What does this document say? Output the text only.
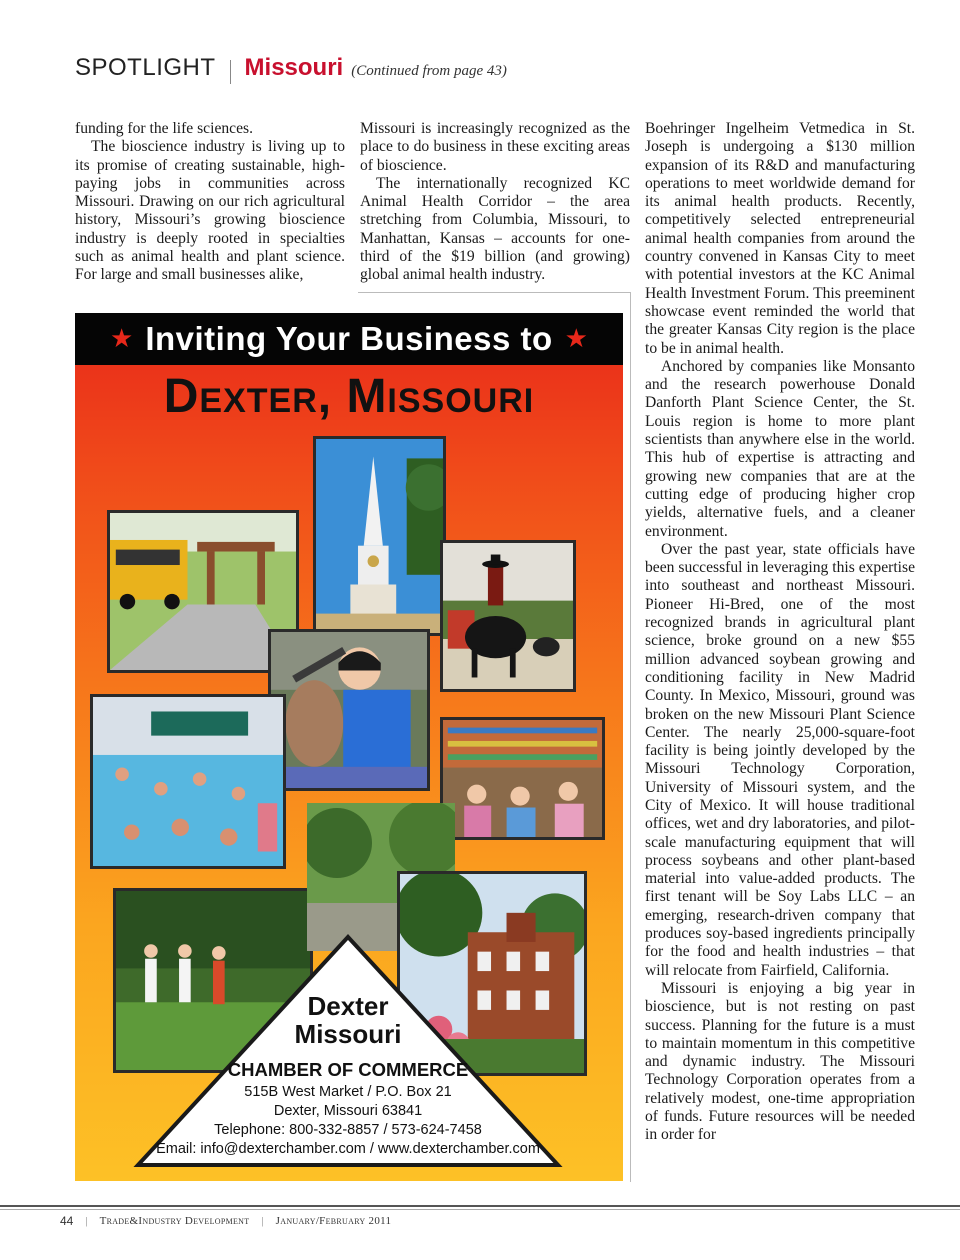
SPOTLIGHT Missouri (Continued from page 43)

funding for the life sciences.

The bioscience industry is living up to its promise of creating sustainable, high-paying jobs in communities across Missouri. Drawing on our rich agricultural history, Missouri’s growing bioscience industry is deeply rooted in specialties such as animal health and plant science. For large and small businesses alike,

Missouri is increasingly recognized as the place to do business in these exciting areas of bioscience.

The internationally recognized KC Animal Health Corridor – the area stretching from Columbia, Missouri, to Manhattan, Kansas – accounts for one-third of the $19 billion (and growing) global animal health industry.

Boehringer Ingelheim Vetmedica in St. Joseph is undergoing a $130 million expansion of its R&D and manufacturing operations to meet worldwide demand for its animal health products. Recently, competitively selected entrepreneurial animal health companies from around the country convened in Kansas City to meet with potential investors at the KC Animal Health Investment Forum. This preeminent showcase event reminded the world that the greater Kansas City region is the place to be in animal health.

Anchored by companies like Monsanto and the research powerhouse Donald Danforth Plant Science Center, the St. Louis region is home to more plant scientists than anywhere else in the world. This hub of expertise is attracting and growing new companies that are at the cutting edge of producing higher crop yields, alternative fuels, and a cleaner environment.

Over the past year, state officials have been successful in leveraging this expertise into southeast and northeast Missouri. Pioneer Hi-Bred, one of the most recognized brands in agricultural plant science, broke ground on a new $55 million advanced soybean growing and conditioning facility in New Madrid County. In Mexico, Missouri, ground was broken on the new Missouri Plant Science Center. The nearly 25,000-square-foot facility is being jointly developed by the Missouri Technology Corporation, University of Missouri system, and the City of Mexico. It will house traditional offices, wet and dry laboratories, and pilot-scale manufacturing equipment that will process soybeans and other plant-based material into value-added products. The first tenant will be Soy Labs LLC – an emerging, research-driven company that produces soy-based ingredients principally for the food and health industries – that will relocate from Fairfield, California.

Missouri is enjoying a big year in bioscience, but is not resting on past success. Planning for the future is a must to maintain momentum in this competitive and dynamic industry. The Missouri Technology Corporation operates from a relatively modest, one-time appropriation of funds. Future resources will be needed in order for

★ Inviting Your Business to ★
Dexter, Missouri
Dexter
Missouri
CHAMBER OF COMMERCE
515B West Market / P.O. Box 21
Dexter, Missouri 63841
Telephone: 800-332-8857 / 573-624-7458
Email: info@dexterchamber.com / www.dexterchamber.com
44 | Trade&Industry Development | January/February 2011
